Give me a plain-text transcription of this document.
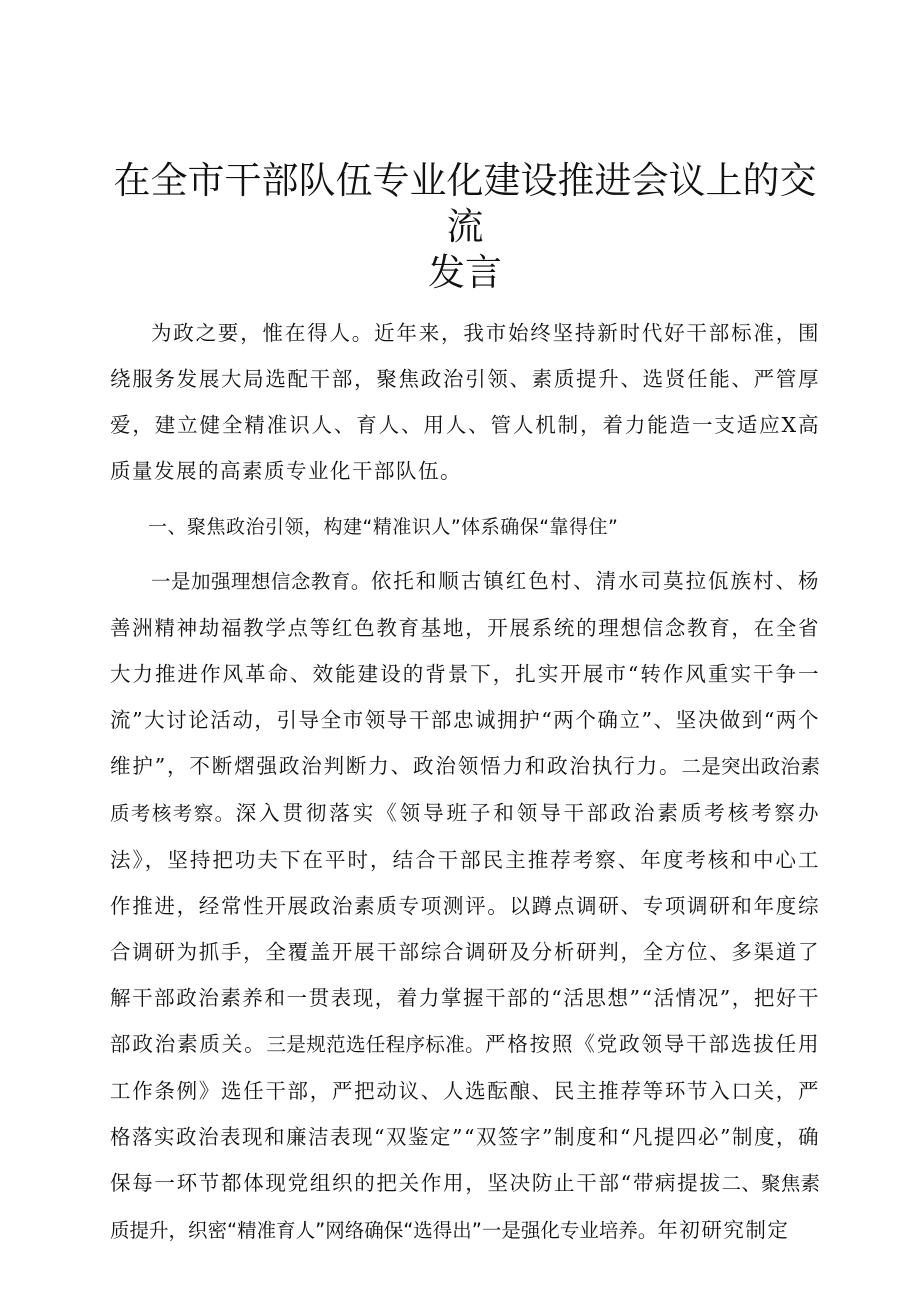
在全市干部队伍专业化建设推进会议上的交流
发言

为政之要，惟在得人。近年来，我市始终坚持新时代好干部标准，围绕服务发展大局选配干部，聚焦政治引领、素质提升、选贤任能、严管厚爱，建立健全精准识人、育人、用人、管人机制，着力能造一支适应X高质量发展的高素质专业化干部队伍。

一、聚焦政治引领，构建“精准识人”体系确保“靠得住”

一是加强理想信念教育。依托和顺古镇红色村、清水司莫拉佤族村、杨善洲精神劫福教学点等红色教育基地，开展系统的理想信念教育，在全省大力推进作风革命、效能建设的背景下，扎实开展市“转作风重实干争一流”大讨论活动，引导全市领导干部忠诚拥护“两个确立”、坚决做到“两个维护”，不断熠强政治判断力、政治领悟力和政治执行力。二是突出政治素质考核考察。深入贯彻落实《领导班子和领导干部政治素质考核考察办法》，坚持把功夫下在平时，结合干部民主推荐考察、年度考核和中心工作推进，经常性开展政治素质专项测评。以蹲点调研、专项调研和年度综合调研为抓手，全覆盖开展干部综合调研及分析研判，全方位、多渠道了解干部政治素养和一贯表现，着力掌握干部的“活思想”“活情况”，把好干部政治素质关。三是规范选任程序标准。严格按照《党政领导干部选拔任用工作条例》选任干部，严把动议、人选酝酿、民主推荐等环节入口关，严格落实政治表现和廉洁表现“双鉴定”“双签字”制度和“凡提四必”制度，确保每一环节都体现党组织的把关作用，坚决防止干部“带病提拔二、聚焦素质提升，织密“精准育人”网络确保“选得出”一是强化专业培养。年初研究制定
